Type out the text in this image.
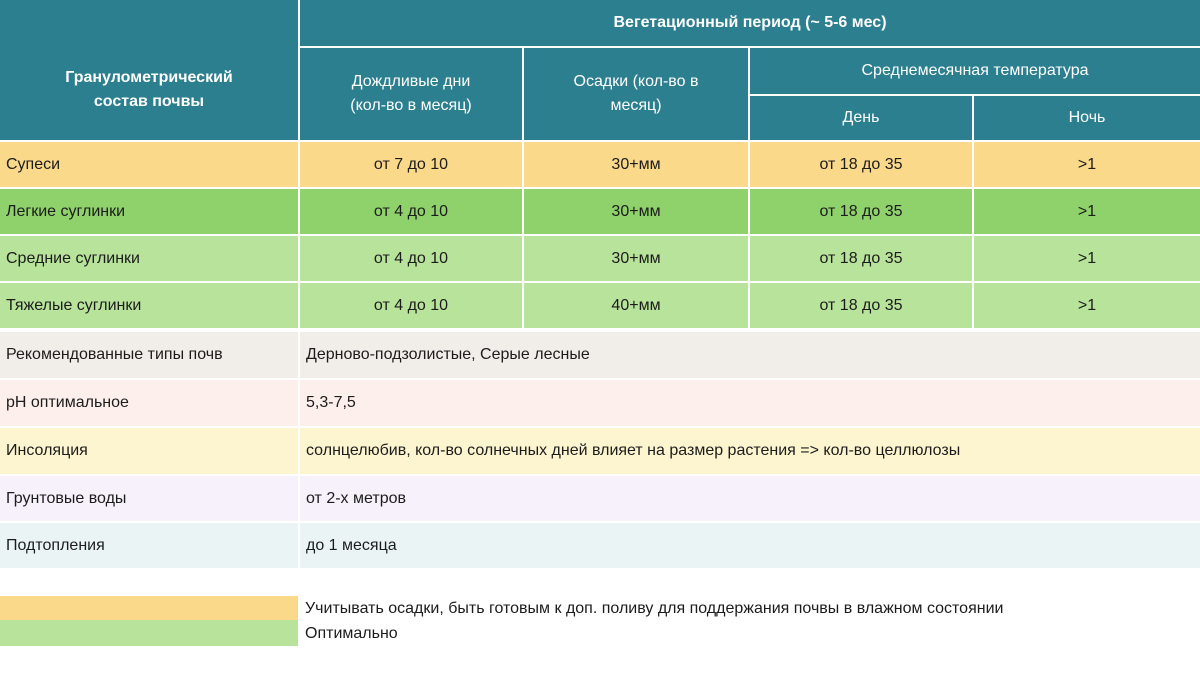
Гранулометрический состав почвы
Вегетационный период (~ 5-6 мес)
Дождливые дни (кол-во в месяц)
Осадки (кол-во в месяц)
Среднемесячная температура
День	Ночь
Супеси	от 7 до 10	30+мм	от 18 до 35	>1
Легкие суглинки	от 4 до 10	30+мм	от 18 до 35	>1
Средние суглинки	от 4 до 10	30+мм	от 18 до 35	>1
Тяжелые суглинки	от 4 до 10	40+мм	от 18 до 35	>1
Рекомендованные типы почв	Дерново-подзолистые, Серые лесные
pH оптимальное	5,3-7,5
Инсоляция	солнцелюбив, кол-во солнечных дней влияет на размер растения => кол-во целлюлозы
Грунтовые воды	от 2-х метров
Подтопления	до 1 месяца
Учитывать осадки, быть готовым к доп. поливу для поддержания почвы в влажном состоянии
Оптимально
